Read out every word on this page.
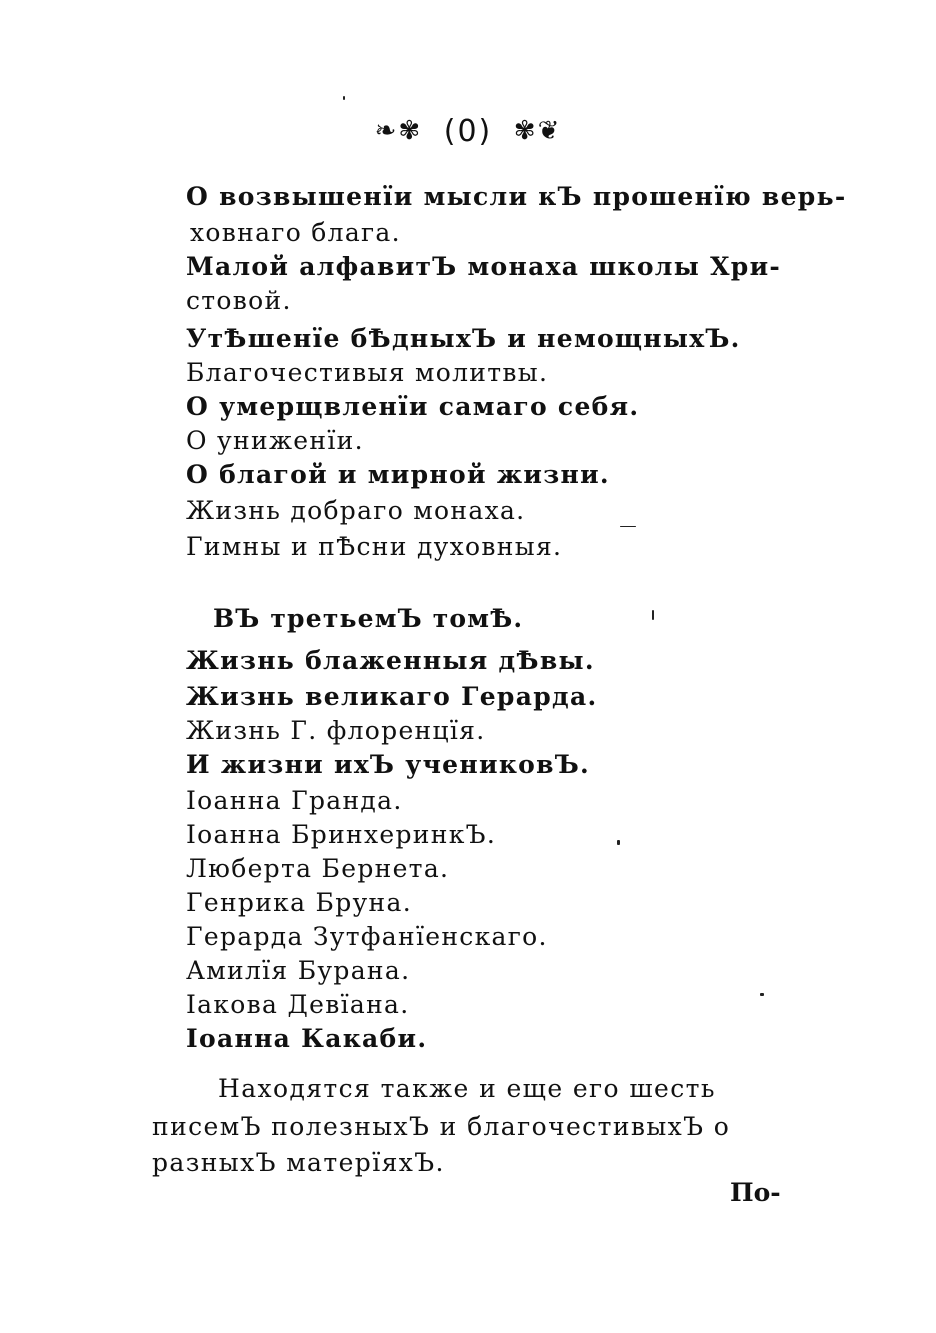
❧✾ (0) ✾❦
О возвышенїи мысли кЪ прошенїю верь-
ховнаго блага.
Малой алфавитЪ монаха школы Хри-
стовой.
УтѢшенїе бѢдныхЪ и немощныхЪ.
Благочестивыя молитвы.
О умерщвленїи самаго себя.
О униженїи.
О благой и мирной жизни.
Жизнь добраго монаха.
Гимны и пѢсни духовныя.
ВЪ третьемЪ томѢ.
Жизнь блаженныя дѢвы.
Жизнь великаго Герарда.
Жизнь Г. флоренцїя.
И жизни ихЪ учениковЪ.
Iоанна Гранда.
Iоанна БринхеринкЪ.
Люберта Бернета.
Генрика Бруна.
Герарда Зутфанїенскаго.
Амилїя Бурана.
Iакова Девїана.
Iоанна Какаби.
Находятся также и еще его шесть
писемЪ полезныхЪ и благочестивыхЪ о
разныхЪ матерїяхЪ.
По-
